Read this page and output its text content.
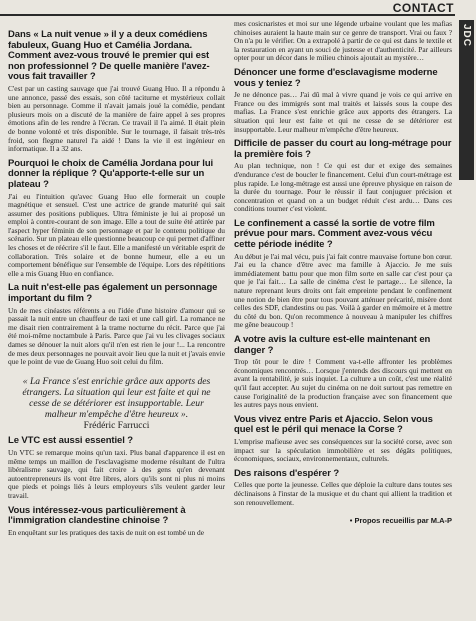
CONTACT
JDC
Dans « La nuit venue » il y a deux comédiens fabuleux, Guang Huo et Camélia Jordana. Comment avez-vous trouvé le premier qui est non professionnel ? De quelle manière l'avez-vous fait travailler ?
C'est par un casting sauvage que j'ai trouvé Guang Huo. Il a répondu à une annonce, passé des essais, son côté taciturne et mystérieux collait bien au personnage. Comme il n'avait jamais joué la comédie, pendant plusieurs mois on a discuté de la manière de faire appel à ses propres émotions afin de les rendre à l'écran. Ce travail il l'a aimé. Il était plein de bonne volonté et très disponible. Sur le tournage, il faisait très-très froid, son flegme naturel l'a aidé ! Dans la vie il est ingénieur en informatique. Il a 32 ans.
Pourquoi le choix de Camélia Jordana pour lui donner la réplique ? Qu'apporte-t-elle sur un plateau ?
J'ai eu l'intuition qu'avec Guang Huo elle formerait un couple magnétique et sensuel. C'est une actrice de grande maturité qui sait assumer des positions publiques. Ultra féministe je lui ai proposé un emploi à contre-courant de son image. Elle a tout de suite été attirée par l'aspect hyper féminin de son personnage et par le contenu politique du scénario. Sur un plateau elle questionne beaucoup ce qui permet d'affiner les choses et de réécrire s'il le faut. Elle a manifesté un véritable esprit de collaboration. Très solaire et de bonne humeur, elle a eu un comportement bénéfique sur l'ensemble de l'équipe. Lors des répétitions elle a mis Guang Huo en confiance.
La nuit n'est-elle pas également un personnage important du film ?
Un de mes cinéastes référents a eu l'idée d'une histoire d'amour qui se passait la nuit entre un chauffeur de taxi et une call girl. La romance ne me disait rien contrairement à la trame nocturne du récit. Parce que j'ai été moi-même noctambule à Paris. Parce que j'ai vu les clivages sociaux dames se dénouer la nuit alors qu'il n'en est rien le jour !... La rencontre de mes deux personnages ne pouvait avoir lieu que la nuit et j'avais envie que le point de vue de Guang Huo soit celui du film.
« La France s'est enrichie grâce aux apports des étrangers. La situation qui leur est faite et qui ne cesse de se détériorer est insupportable. Leur malheur m'empêche d'être heureux ».
Frédéric Farrucci
Le VTC est aussi essentiel ?
Un VTC se remarque moins qu'un taxi. Plus banal d'apparence il est en même temps un maillon de l'esclavagisme moderne résultant de l'ultra libéralisme sauvage, qui fait croire à des gens qu'en devenant autoentrepreneurs ils vont être libres, alors qu'ils sont ni plus ni moins que pieds et poings liés à leurs employeurs s'ils veulent garder leur travail.
Vous intéressez-vous particulièrement à l'immigration clandestine chinoise ?
En enquêtant sur les pratiques des taxis de nuit on est tombé un de
mes cosicnaristes et moi sur une légende urbaine voulant que les mafias chinoises auraient la haute main sur ce genre de transport. Vrai ou faux ? On n'a pu le vérifier. On a extrapolé à partir de ce qui est dans le textile et la restauration en ayant un souci de justesse et d'authenticité. Par ailleurs opter pour un décor dans le milieu chinois ajoutait au mystère…
Dénoncer une forme d'esclavagisme moderne vous y teniez ?
Je ne dénonce pas… J'ai dû mal à vivre quand je vois ce qui arrive en France ou des immigrés sont mal traités et laissés sous la coupe des mafias. La France s'est enrichie grâce aux apports des étrangers. La situation qui leur est faite et qui ne cesse de se détériorer est insupportable. Leur malheur m'empêche d'être heureux.
Difficile de passer du court au long-métrage pour la première fois ?
Au plan technique, non ! Ce qui est dur et exige des semaines d'endurance c'est de boucler le financement. Celui d'un court-métrage est plus rapide. Le long-métrage est aussi une épreuve physique en raison de la durée du tournage. Pour le réussir il faut conjuguer précision et concentration et quand on a un budget réduit c'est ardu… Dans ces conditions tourner c'est violent.
Le confinement a cassé la sortie de votre film prévue pour mars. Comment avez-vous vécu cette période inédite ?
Au début je l'ai mal vécu, puis j'ai fait contre mauvaise fortune bon cœur. J'ai eu la chance d'être avec ma famille à Ajaccio. Je me suis immédiatement battu pour que mon film sorte en salle car c'est pour ça que je l'ai fait… La salle de cinéma c'est le partage… Le silence, la nature reprenant leurs droits ont fait empreinte pendant le confinement une notion de bien être pour tous pouvant atténuer précarité, misère dont celles des SDF, clandestins ou pas. Voilà à garder en mémoire et à mettre du côté du bon. Qu'on recommence à nouveau à manipuler les chiffres me gêne beaucoup !
A votre avis la culture est-elle maintenant en danger ?
Trop tôt pour le dire ! Comment va-t-elle affronter les problèmes économiques rencontrés… Lorsque j'entends des discours qui mettent en avant la rentabilité, je suis inquiet. La culture a un coût, c'est une réalité qu'il faut accepter. Au sujet du cinéma on ne doit surtout pas remettre en cause l'originalité de la production française avec son financement que les autres pays nous envient.
Vous vivez entre Paris et Ajaccio. Selon vous quel est le péril qui menace la Corse ?
L'emprise mafieuse avec ses conséquences sur la société corse, avec son impact sur la spéculation immobilière et ses dégâts politiques, économiques, sociaux, environnementaux, culturels.
Des raisons d'espérer ?
Celles que porte la jeunesse. Celles que déploie la culture dans toutes ses déclinaisons à l'instar de la musique et du chant qui allient la tradition et son renouvellement.
• Propos recueillis par M.A-P
